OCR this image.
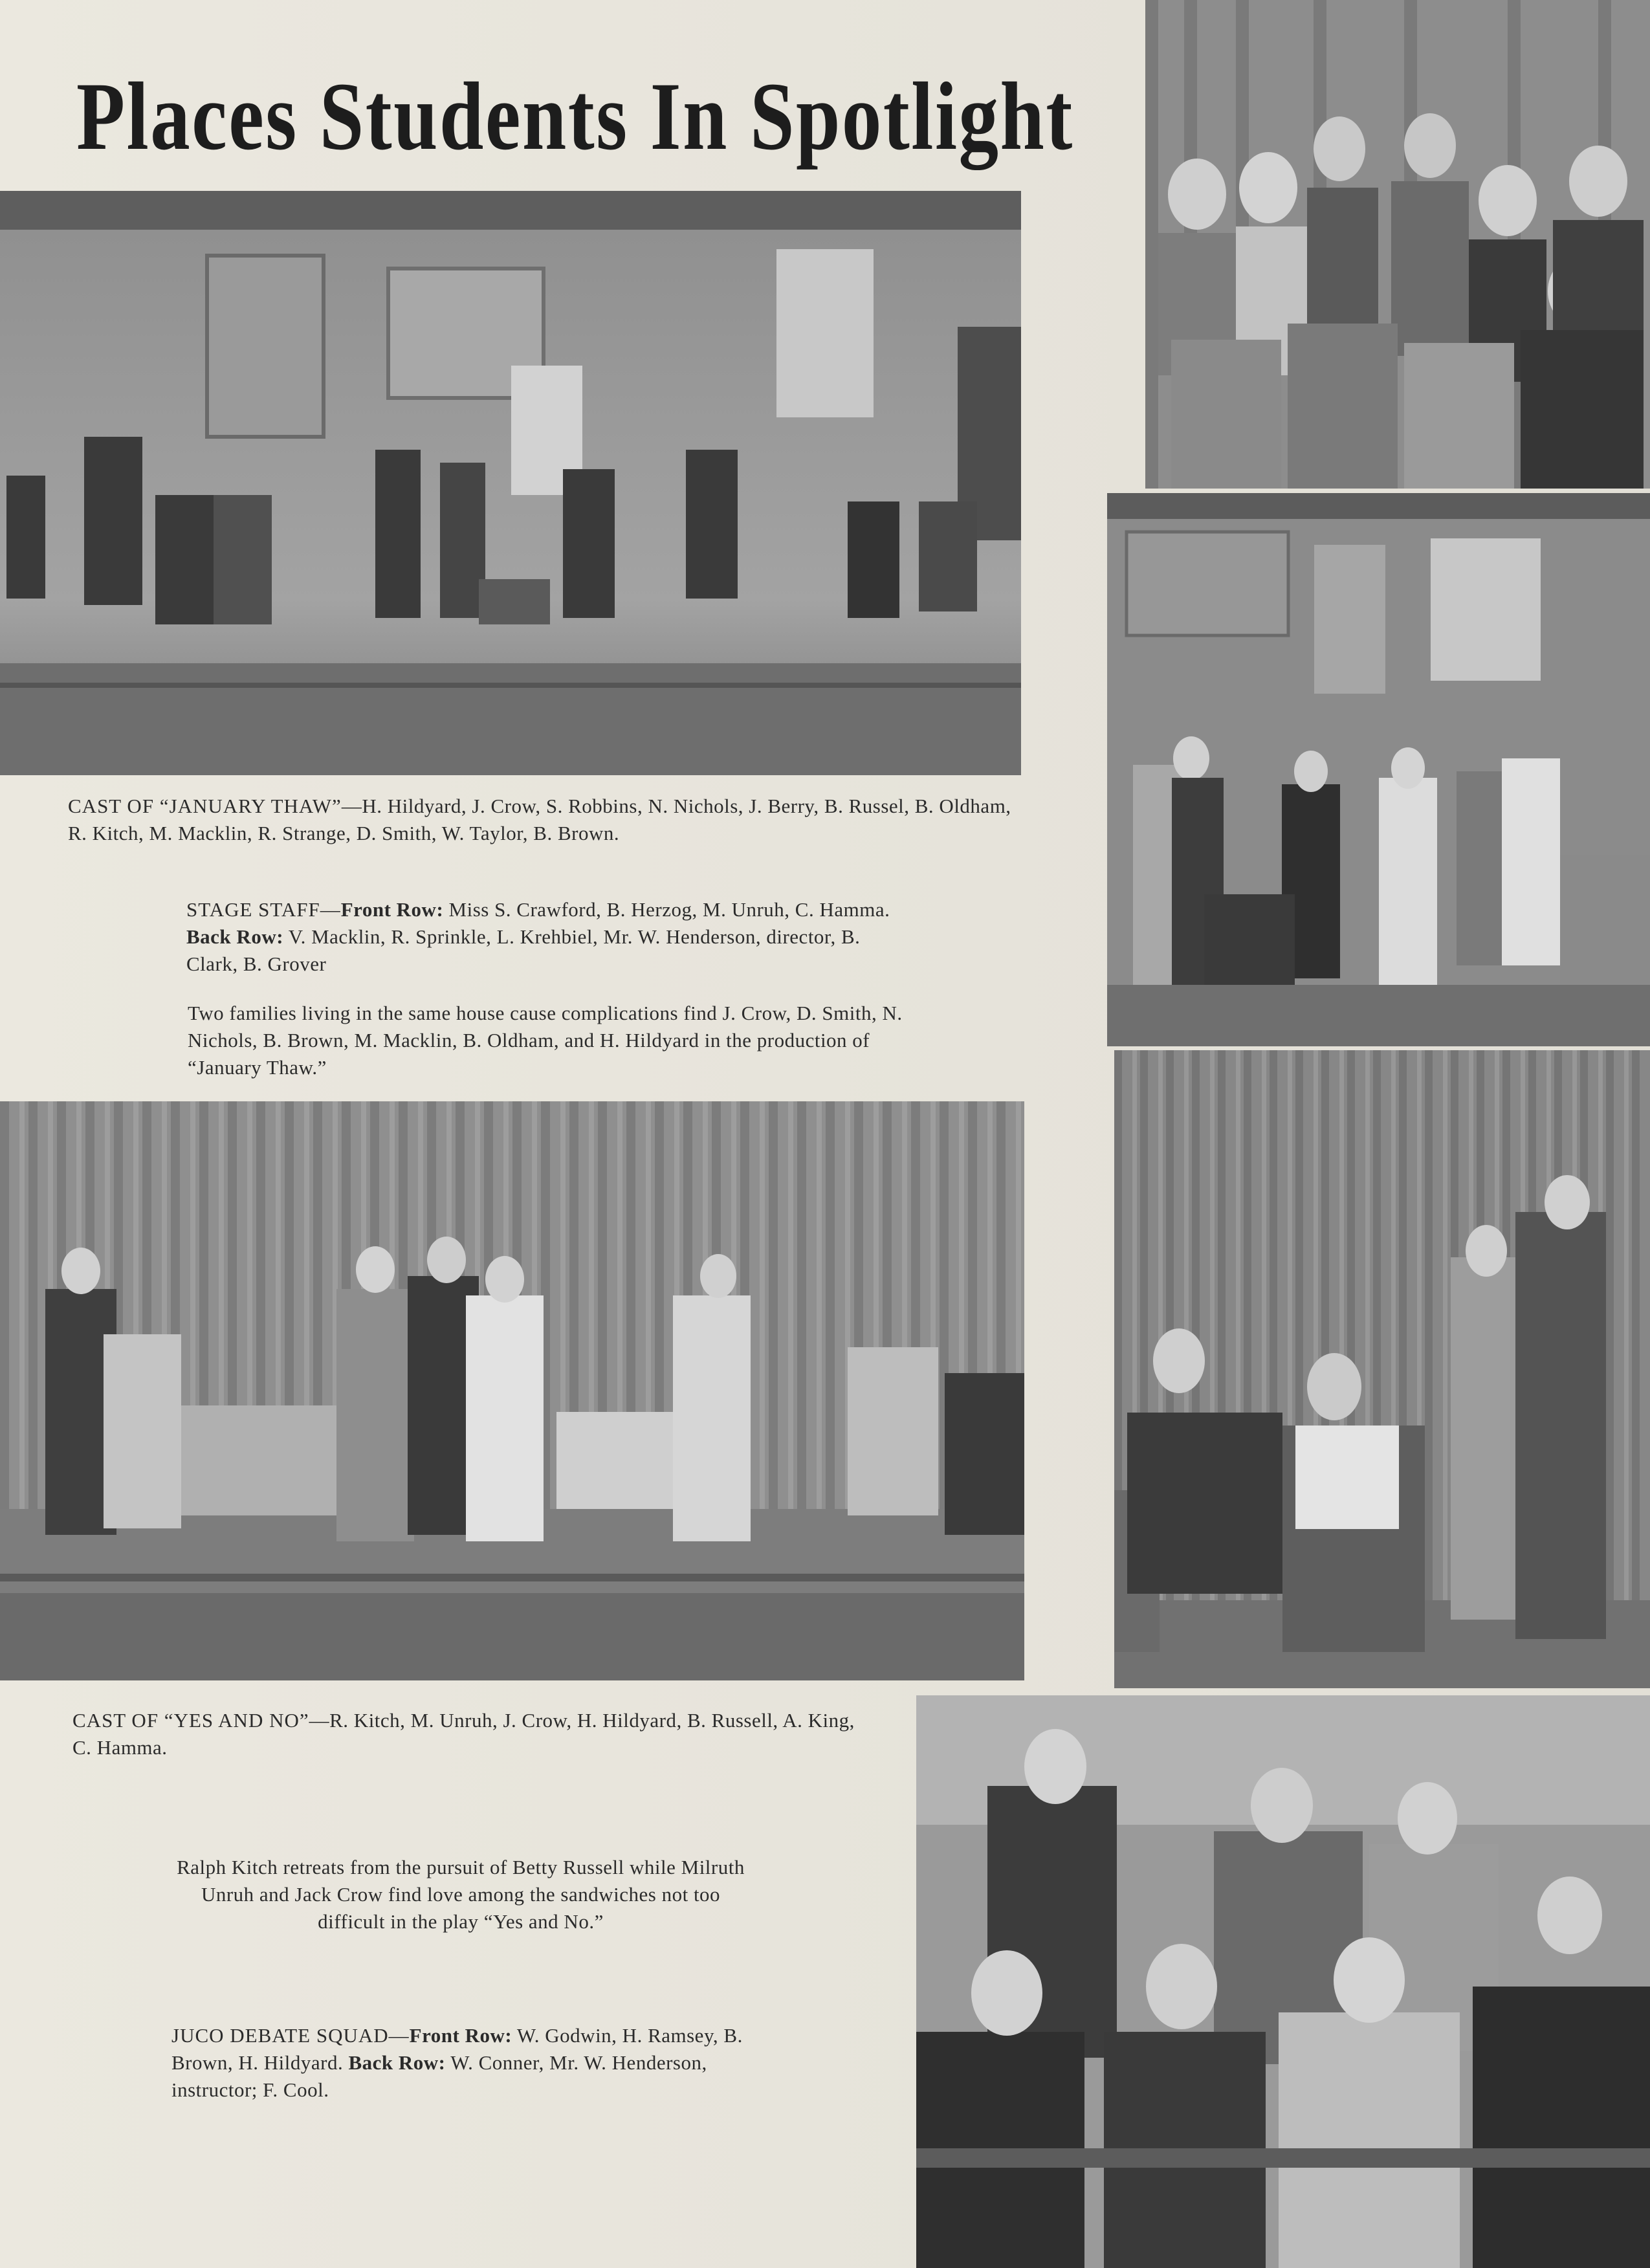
Places Students In Spotlight

CAST OF “JANUARY THAW”—H. Hildyard, J. Crow, S. Robbins, N. Nichols, J. Berry, B. Russel, B. Oldham, R. Kitch, M. Macklin, R. Strange, D. Smith, W. Taylor, B. Brown.

STAGE STAFF—Front Row: Miss S. Crawford, B. Herzog, M. Unruh, C. Hamma. Back Row: V. Macklin, R. Sprinkle, L. Krehbiel, Mr. W. Henderson, director, B. Clark, B. Grover

Two families living in the same house cause complications find J. Crow, D. Smith, N. Nichols, B. Brown, M. Macklin, B. Oldham, and H. Hildyard in the production of “January Thaw.”

CAST OF “YES AND NO”—R. Kitch, M. Unruh, J. Crow, H. Hildyard, B. Russell, A. King, C. Hamma.

Ralph Kitch retreats from the pursuit of Betty Russell while Milruth Unruh and Jack Crow find love among the sandwiches not too difficult in the play “Yes and No.”

JUCO DEBATE SQUAD—Front Row: W. Godwin, H. Ramsey, B. Brown, H. Hildyard. Back Row: W. Conner, Mr. W. Henderson, instructor; F. Cool.
